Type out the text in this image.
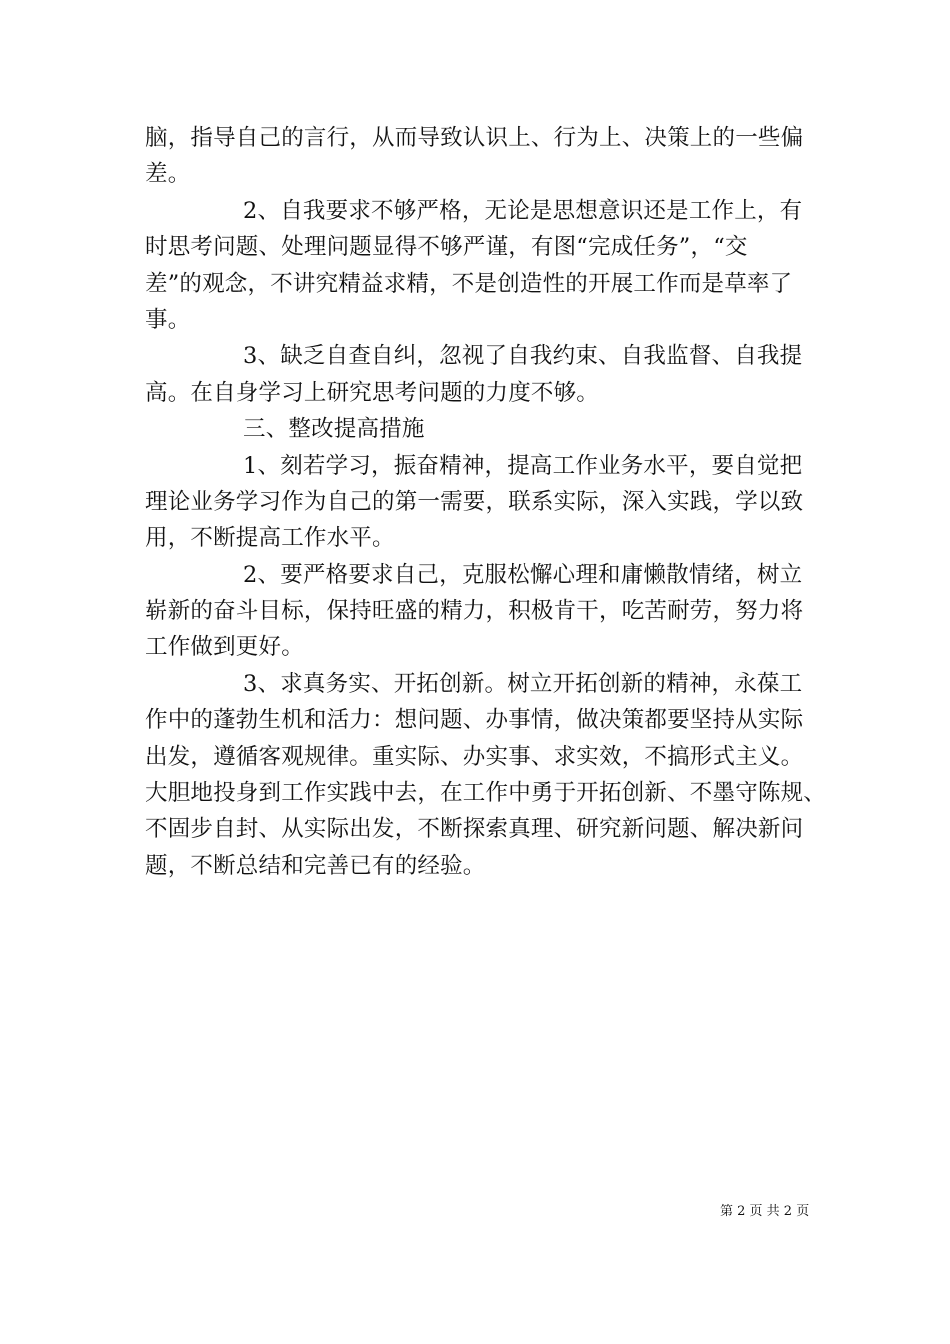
脑，指导自己的言行，从而导致认识上、行为上、决策上的一些偏
差。
2、自我要求不够严格，无论是思想意识还是工作上，有
时思考问题、处理问题显得不够严谨，有图“完成任务”，“交
差”的观念，不讲究精益求精，不是创造性的开展工作而是草率了
事。
3、缺乏自查自纠，忽视了自我约束、自我监督、自我提
高。在自身学习上研究思考问题的力度不够。
三、整改提高措施
1、刻若学习，振奋精神，提高工作业务水平，要自觉把
理论业务学习作为自己的第一需要，联系实际，深入实践，学以致
用，不断提高工作水平。
2、要严格要求自己，克服松懈心理和庸懒散情绪，树立
崭新的奋斗目标，保持旺盛的精力，积极肯干，吃苦耐劳，努力将
工作做到更好。
3、求真务实、开拓创新。树立开拓创新的精神，永葆工
作中的蓬勃生机和活力：想问题、办事情，做决策都要坚持从实际
出发，遵循客观规律。重实际、办实事、求实效，不搞形式主义。
大胆地投身到工作实践中去，在工作中勇于开拓创新、不墨守陈规、
不固步自封、从实际出发，不断探索真理、研究新问题、解决新问
题，不断总结和完善已有的经验。
第 2 页 共 2 页
